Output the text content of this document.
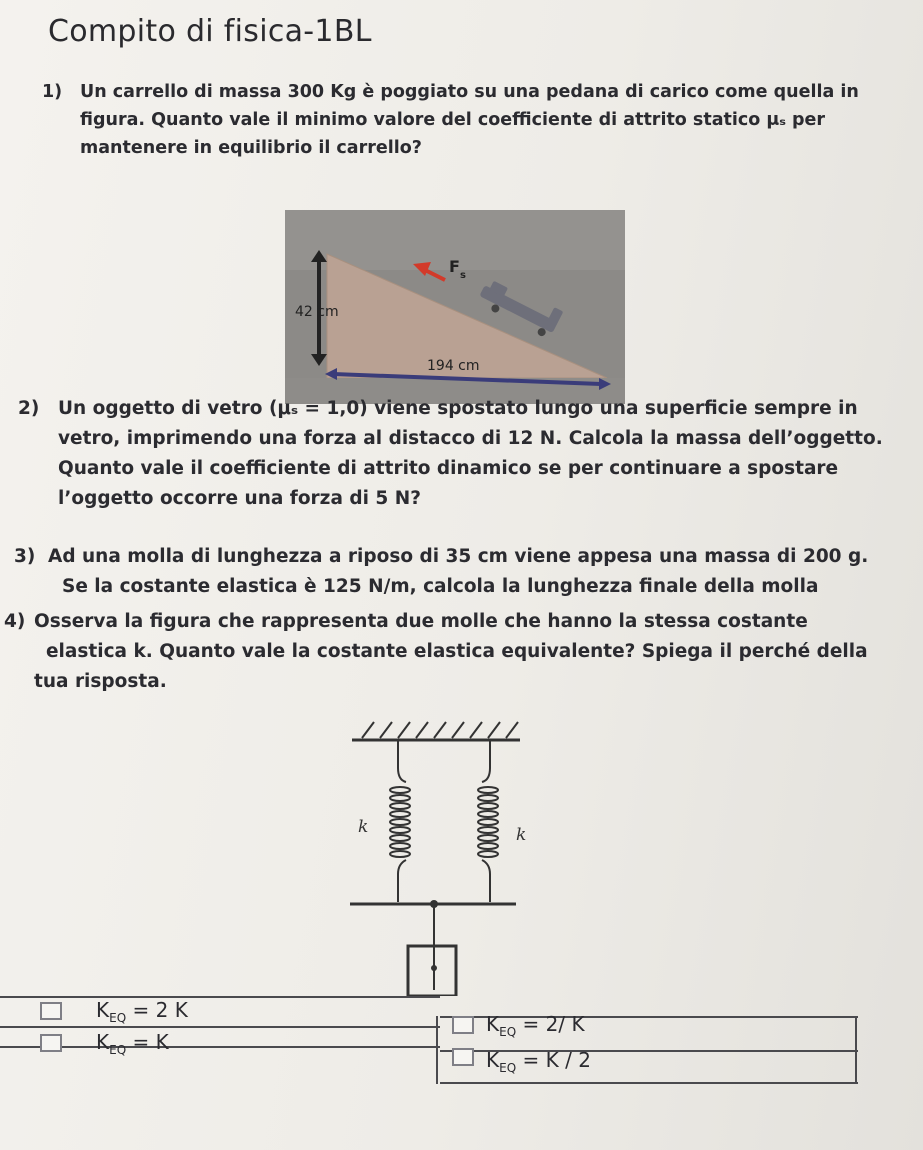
Compito di fisica-1BL
1) Un carrello di massa 300 Kg è poggiato su una pedana di carico come quella in

figura. Quanto vale il minimo valore del coefficiente di attrito statico μₛ per

mantenere in equilibrio il carrello?

42 cm
194 cm
F s
2) Un oggetto di vetro (μₛ = 1,0) viene spostato lungo una superficie sempre in

vetro, imprimendo una forza al distacco di 12 N. Calcola la massa dell’oggetto.

Quanto vale il coefficiente di attrito dinamico se per continuare a spostare

l’oggetto occorre una forza di 5 N?

3) Ad una molla di lunghezza a riposo di 35 cm viene appesa una massa di 200 g.

Se la costante elastica è 125 N/m, calcola la lunghezza finale della molla

4) Osserva la figura che rappresenta due molle che hanno la stessa costante

elastica k. Quanto vale la costante elastica equivalente? Spiega il perché della

tua risposta.

k	k
$K_{EQ} = 2$ K
$K_{EQ} = 2/$ K
$K_{EQ} = K$
$K_{EQ} = K / 2$
